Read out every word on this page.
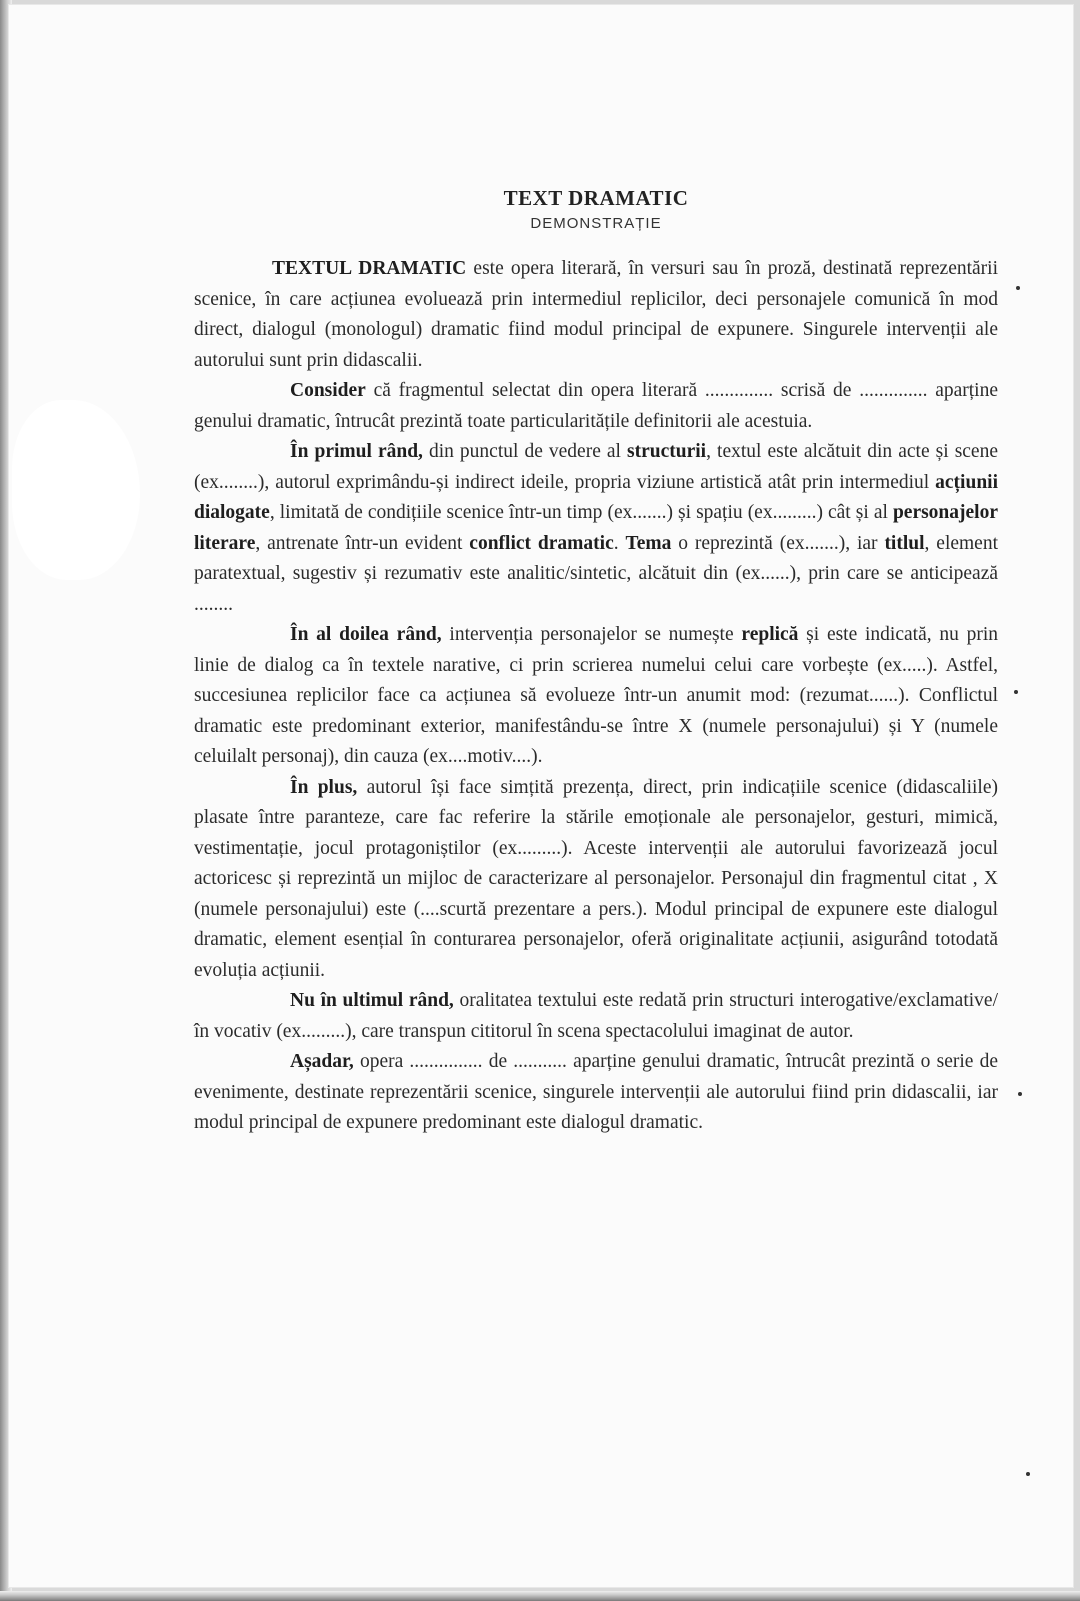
TEXT DRAMATIC
DEMONSTRAȚIE

TEXTUL DRAMATIC este opera literară, în versuri sau în proză, destinată reprezentării scenice, în care acțiunea evoluează prin intermediul replicilor, deci personajele comunică în mod direct, dialogul (monologul) dramatic fiind modul principal de expunere. Singurele intervenții ale autorului sunt prin didascalii.

Consider că fragmentul selectat din opera literară .............. scrisă de .............. aparține genului dramatic, întrucât prezintă toate particularitățile definitorii ale acestuia.

În primul rând, din punctul de vedere al structurii, textul este alcătuit din acte și scene (ex........), autorul exprimându-și indirect ideile, propria viziune artistică atât prin intermediul acțiunii dialogate, limitată de condițiile scenice într-un timp (ex.......) și spațiu (ex.........) cât și al personajelor literare, antrenate într-un evident conflict dramatic. Tema o reprezintă (ex.......), iar titlul, element paratextual, sugestiv și rezumativ este analitic/sintetic, alcătuit din (ex......), prin care se anticipează ........

În al doilea rând, intervenția personajelor se numește replică și este indicată, nu prin linie de dialog ca în textele narative, ci prin scrierea numelui celui care vorbește (ex.....). Astfel, succesiunea replicilor face ca acțiunea să evolueze într-un anumit mod: (rezumat......). Conflictul dramatic este predominant exterior, manifestându-se între X (numele personajului) și Y (numele celuilalt personaj), din cauza (ex....motiv....).

În plus, autorul își face simțită prezența, direct, prin indicațiile scenice (didascaliile) plasate între paranteze, care fac referire la stările emoționale ale personajelor, gesturi, mimică, vestimentație, jocul protagoniștilor (ex.........). Aceste intervenții ale autorului favorizează jocul actoricesc și reprezintă un mijloc de caracterizare al personajelor. Personajul din fragmentul citat , X (numele personajului) este (....scurtă prezentare a pers.). Modul principal de expunere este dialogul dramatic, element esențial în conturarea personajelor, oferă originalitate acțiunii, asigurând totodată evoluția acțiunii.

Nu în ultimul rând, oralitatea textului este redată prin structuri interogative/exclamative/în vocativ (ex.........), care transpun cititorul în scena spectacolului imaginat de autor.

Așadar, opera ............... de ........... aparține genului dramatic, întrucât prezintă o serie de evenimente, destinate reprezentării scenice, singurele intervenții ale autorului fiind prin didascalii, iar modul principal de expunere predominant este dialogul dramatic.
